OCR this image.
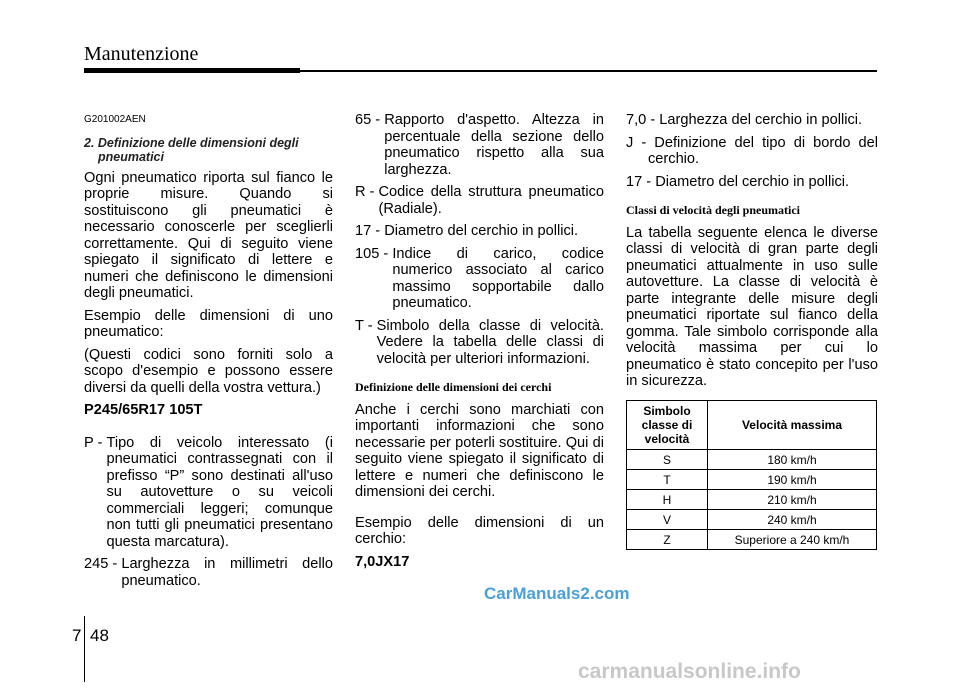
Manutenzione
G201002AEN
2. Definizione delle dimensioni degli pneumatici

Ogni pneumatico riporta sul fianco le proprie misure. Quando si sostituiscono gli pneumatici è necessario conoscerle per sceglierli correttamente. Qui di seguito viene spiegato il significato di lettere e numeri che definiscono le dimensioni degli pneumatici.

Esempio delle dimensioni di uno pneumatico:

(Questi codici sono forniti solo a scopo d'esempio e possono essere diversi da quelli della vostra vettura.)

P245/65R17 105T
P - Tipo di veicolo interessato (i pneumatici contrassegnati con il prefisso “P” sono destinati all'uso su autovetture o su veicoli commerciali leggeri; comunque non tutti gli pneumatici presentano questa marcatura).
245 - Larghezza in millimetri dello pneumatico.
65 - Rapporto d'aspetto. Altezza in percentuale della sezione dello pneumatico rispetto alla sua larghezza.
R - Codice della struttura pneumatico (Radiale).
17 - Diametro del cerchio in pollici.
105 - Indice di carico, codice numerico associato al carico massimo sopportabile dallo pneumatico.
T - Simbolo della classe di velocità. Vedere la tabella delle classi di velocità per ulteriori informazioni.
Definizione delle dimensioni dei cerchi

Anche i cerchi sono marchiati con importanti informazioni che sono necessarie per poterli sostituire. Qui di seguito viene spiegato il significato di lettere e numeri che definiscono le dimensioni dei cerchi.

Esempio delle dimensioni di un cerchio:

7,0JX17
7,0 - Larghezza del cerchio in pollici.
J - Definizione del tipo di bordo del cerchio.
17 - Diametro del cerchio in pollici.
Classi di velocità degli pneumatici

La tabella seguente elenca le diverse classi di velocità di gran parte degli pneumatici attualmente in uso sulle autovetture. La classe di velocità è parte integrante delle misure degli pneumatici riportate sul fianco della gomma. Tale simbolo corrisponde alla velocità massima per cui lo pneumatico è stato concepito per l'uso in sicurezza.

Simbolo classe di velocità	Velocità massima
S	180 km/h
T	190 km/h
H	210 km/h
V	240 km/h
Z	Superiore a 240 km/h
CarManuals2.com
7 48
carmanualsonline.info
